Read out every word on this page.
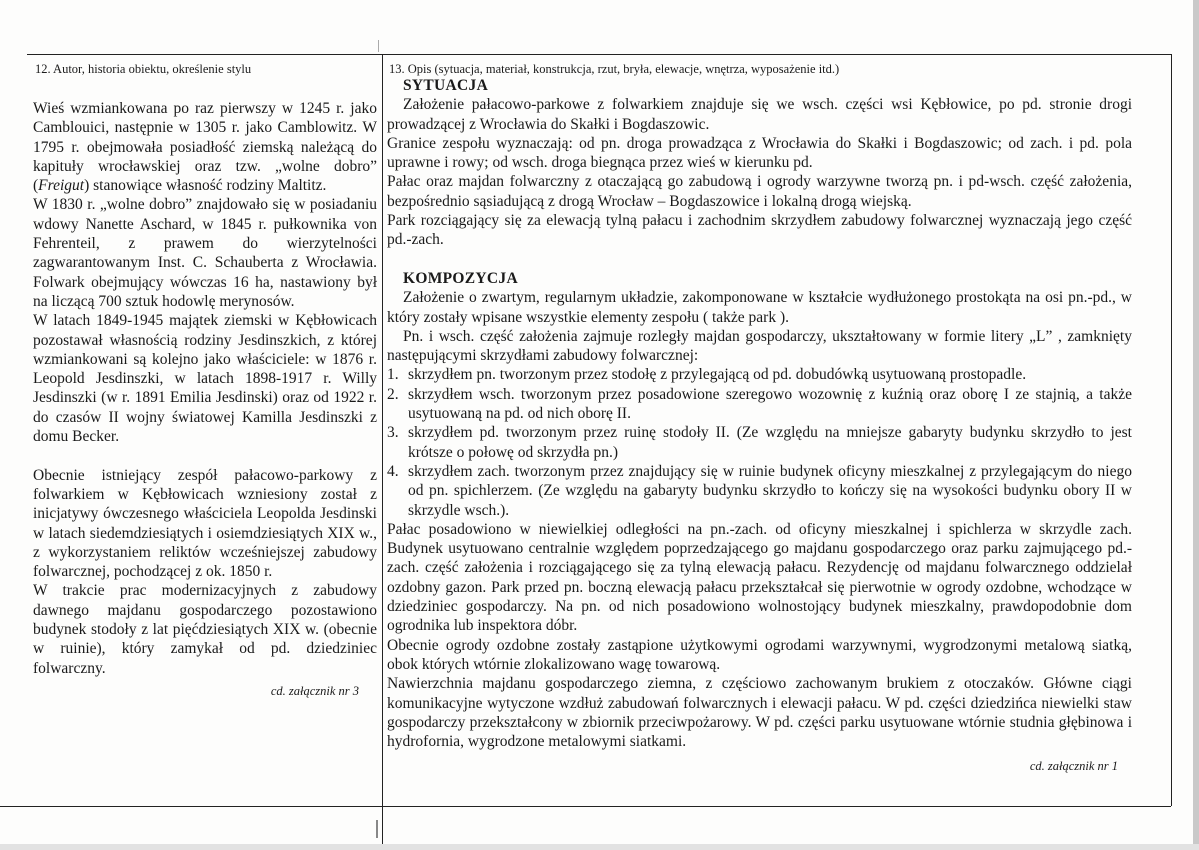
12. Autor, historia obiektu, określenie stylu

Wieś wzmiankowana po raz pierwszy w 1245 r. jako Camblouici, następnie w 1305 r. jako Camblowitz. W 1795 r. obejmowała posiadłość ziemską należącą do kapituły wrocławskiej oraz tzw. „wolne dobro” (Freigut) stanowiące własność rodziny Maltitz.

W 1830 r. „wolne dobro” znajdowało się w posiadaniu wdowy Nanette Aschard, w 1845 r. pułkownika von Fehrenteil, z prawem do wierzytelności zagwarantowanym Inst. C. Schauberta z Wrocławia. Folwark obejmujący wówczas 16 ha, nastawiony był na liczącą 700 sztuk hodowlę merynosów.

W latach 1849-1945 majątek ziemski w Kębłowicach pozostawał własnością rodziny Jesdinszkich, z której wzmiankowani są kolejno jako właściciele: w 1876 r. Leopold Jesdinszki, w latach 1898-1917 r. Willy Jesdinszki (w r. 1891 Emilia Jesdinski) oraz od 1922 r. do czasów II wojny światowej Kamilla Jesdinszki z domu Becker.

Obecnie istniejący zespół pałacowo-parkowy z folwarkiem w Kębłowicach wzniesiony został z inicjatywy ówczesnego właściciela Leopolda Jesdinski w latach siedemdziesiątych i osiemdziesiątych XIX w., z wykorzystaniem reliktów wcześniejszej zabudowy folwarcznej, pochodzącej z ok. 1850 r.

W trakcie prac modernizacyjnych z zabudowy dawnego majdanu gospodarczego pozostawiono budynek stodoły z lat pięćdziesiątych XIX w. (obecnie w ruinie), który zamykał od pd. dziedziniec folwarczny.

cd. załącznik nr 3
13. Opis (sytuacja, materiał, konstrukcja, rzut, bryła, elewacje, wnętrza, wyposażenie itd.)
SYTUACJA

Założenie pałacowo-parkowe z folwarkiem znajduje się we wsch. części wsi Kębłowice, po pd. stronie drogi prowadzącej z Wrocławia do Skałki i Bogdaszowic.

Granice zespołu wyznaczają: od pn. droga prowadząca z Wrocławia do Skałki i Bogdaszowic; od zach. i pd. pola uprawne i rowy; od wsch. droga biegnąca przez wieś w kierunku pd.

Pałac oraz majdan folwarczny z otaczającą go zabudową i ogrody warzywne tworzą pn. i pd-wsch. część założenia, bezpośrednio sąsiadującą z drogą Wrocław – Bogdaszowice i lokalną drogą wiejską.

Park rozciągający się za elewacją tylną pałacu i zachodnim skrzydłem zabudowy folwarcznej wyznaczają jego część pd.-zach.

KOMPOZYCJA

Założenie o zwartym, regularnym układzie, zakomponowane w kształcie wydłużonego prostokąta na osi pn.-pd., w który zostały wpisane wszystkie elementy zespołu ( także park ).

Pn. i wsch. część założenia zajmuje rozległy majdan gospodarczy, ukształtowany w formie litery „L” , zamknięty następującymi skrzydłami zabudowy folwarcznej:

1. skrzydłem pn. tworzonym przez stodołę z przylegającą od pd. dobudówką usytuowaną prostopadle.
2. skrzydłem wsch. tworzonym przez posadowione szeregowo wozownię z kuźnią oraz oborę I ze stajnią, a także usytuowaną na pd. od nich oborę II.
3. skrzydłem pd. tworzonym przez ruinę stodoły II. (Ze względu na mniejsze gabaryty budynku skrzydło to jest krótsze o połowę od skrzydła pn.)
4. skrzydłem zach. tworzonym przez znajdujący się w ruinie budynek oficyny mieszkalnej z przylegającym do niego od pn. spichlerzem. (Ze względu na gabaryty budynku skrzydło to kończy się na wysokości budynku obory II w skrzydle wsch.).

Pałac posadowiono w niewielkiej odległości na pn.-zach. od oficyny mieszkalnej i spichlerza w skrzydle zach. Budynek usytuowano centralnie względem poprzedzającego go majdanu gospodarczego oraz parku zajmującego pd.-zach. część założenia i rozciągającego się za tylną elewacją pałacu. Rezydencję od majdanu folwarcznego oddzielał ozdobny gazon. Park przed pn. boczną elewacją pałacu przekształcał się pierwotnie w ogrody ozdobne, wchodzące w dziedziniec gospodarczy. Na pn. od nich posadowiono wolnostojący budynek mieszkalny, prawdopodobnie dom ogrodnika lub inspektora dóbr.

Obecnie ogrody ozdobne zostały zastąpione użytkowymi ogrodami warzywnymi, wygrodzonymi metalową siatką, obok których wtórnie zlokalizowano wagę towarową.

Nawierzchnia majdanu gospodarczego ziemna, z częściowo zachowanym brukiem z otoczaków. Główne ciągi komunikacyjne wytyczone wzdłuż zabudowań folwarcznych i elewacji pałacu. W pd. części dziedzińca niewielki staw gospodarczy przekształcony w zbiornik przeciwpożarowy. W pd. części parku usytuowane wtórnie studnia głębinowa i hydrofornia, wygrodzone metalowymi siatkami.

cd. załącznik nr 1
